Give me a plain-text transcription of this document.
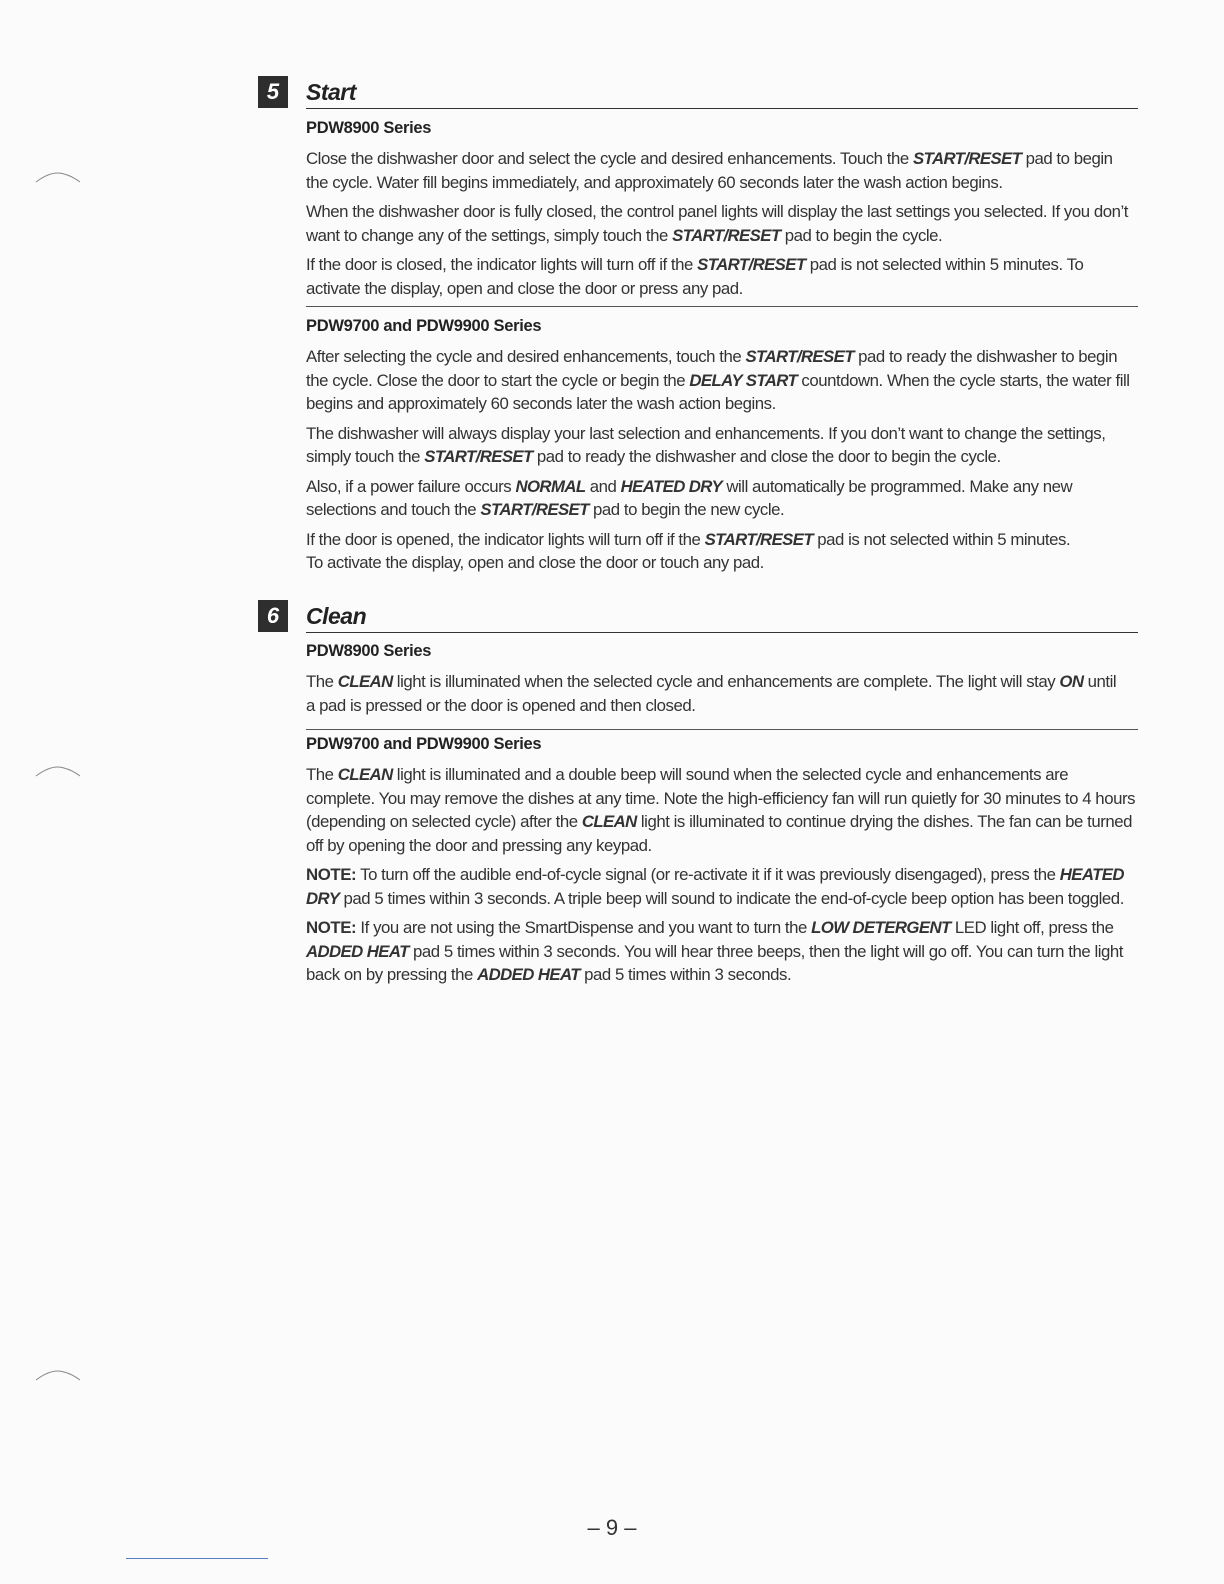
5	Start
PDW8900 Series

Close the dishwasher door and select the cycle and desired enhancements. Touch the START/RESET pad to begin the cycle. Water fill begins immediately, and approximately 60 seconds later the wash action begins.

When the dishwasher door is fully closed, the control panel lights will display the last settings you selected. If you don’t want to change any of the settings, simply touch the START/RESET pad to begin the cycle.

If the door is closed, the indicator lights will turn off if the START/RESET pad is not selected within 5 minutes. To activate the display, open and close the door or press any pad.

PDW9700 and PDW9900 Series

After selecting the cycle and desired enhancements, touch the START/RESET pad to ready the dishwasher to begin the cycle. Close the door to start the cycle or begin the DELAY START countdown. When the cycle starts, the water fill begins and approximately 60 seconds later the wash action begins.

The dishwasher will always display your last selection and enhancements. If you don’t want to change the settings, simply touch the START/RESET pad to ready the dishwasher and close the door to begin the cycle.

Also, if a power failure occurs NORMAL and HEATED DRY will automatically be programmed. Make any new selections and touch the START/RESET pad to begin the new cycle.

If the door is opened, the indicator lights will turn off if the START/RESET pad is not selected within 5 minutes.
To activate the display, open and close the door or touch any pad.

6	Clean
PDW8900 Series

The CLEAN light is illuminated when the selected cycle and enhancements are complete. The light will stay ON until
a pad is pressed or the door is opened and then closed.

PDW9700 and PDW9900 Series

The CLEAN light is illuminated and a double beep will sound when the selected cycle and enhancements are complete. You may remove the dishes at any time. Note the high-efficiency fan will run quietly for 30 minutes to 4 hours (depending on selected cycle) after the CLEAN light is illuminated to continue drying the dishes. The fan can be turned off by opening the door and pressing any keypad.

NOTE: To turn off the audible end-of-cycle signal (or re-activate it if it was previously disengaged), press the HEATED DRY pad 5 times within 3 seconds. A triple beep will sound to indicate the end-of-cycle beep option has been toggled.

NOTE: If you are not using the SmartDispense and you want to turn the LOW DETERGENT LED light off, press the ADDED HEAT pad 5 times within 3 seconds. You will hear three beeps, then the light will go off. You can turn the light back on by pressing the ADDED HEAT pad 5 times within 3 seconds.

– 9 –
